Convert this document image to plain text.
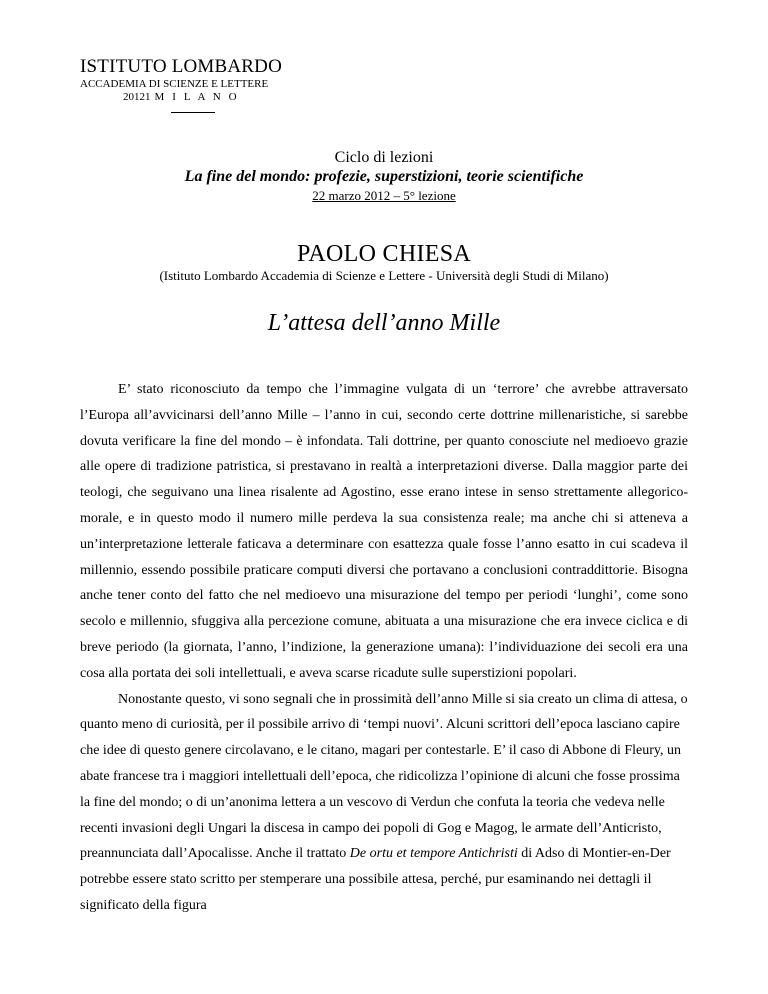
ISTITUTO LOMBARDO
ACCADEMIA DI SCIENZE E LETTERE
20121 M I L A N O
Ciclo di lezioni
La fine del mondo: profezie, superstizioni, teorie scientifiche
22 marzo 2012 – 5° lezione
PAOLO CHIESA
(Istituto Lombardo Accademia di Scienze e Lettere - Università degli Studi di Milano)
L’attesa dell’anno Mille

E’ stato riconosciuto da tempo che l’immagine vulgata di un ‘terrore’ che avrebbe attraversato l’Europa all’avvicinarsi dell’anno Mille – l’anno in cui, secondo certe dottrine millenaristiche, si sarebbe dovuta verificare la fine del mondo – è infondata. Tali dottrine, per quanto conosciute nel medioevo grazie alle opere di tradizione patristica, si prestavano in realtà a interpretazioni diverse. Dalla maggior parte dei teologi, che seguivano una linea risalente ad Agostino, esse erano intese in senso strettamente allegorico-morale, e in questo modo il numero mille perdeva la sua consistenza reale; ma anche chi si atteneva a un’interpretazione letterale faticava a determinare con esattezza quale fosse l’anno esatto in cui scadeva il millennio, essendo possibile praticare computi diversi che portavano a conclusioni contraddittorie. Bisogna anche tener conto del fatto che nel medioevo una misurazione del tempo per periodi ‘lunghi’, come sono secolo e millennio, sfuggiva alla percezione comune, abituata a una misurazione che era invece ciclica e di breve periodo (la giornata, l’anno, l’indizione, la generazione umana): l’individuazione dei secoli era una cosa alla portata dei soli intellettuali, e aveva scarse ricadute sulle superstizioni popolari.

Nonostante questo, vi sono segnali che in prossimità dell’anno Mille si sia creato un clima di attesa, o quanto meno di curiosità, per il possibile arrivo di ‘tempi nuovi’. Alcuni scrittori dell’epoca lasciano capire che idee di questo genere circolavano, e le citano, magari per contestarle. E’ il caso di Abbone di Fleury, un abate francese tra i maggiori intellettuali dell’epoca, che ridicolizza l’opinione di alcuni che fosse prossima la fine del mondo; o di un’anonima lettera a un vescovo di Verdun che confuta la teoria che vedeva nelle recenti invasioni degli Ungari la discesa in campo dei popoli di Gog e Magog, le armate dell’Anticristo, preannunciata dall’Apocalisse. Anche il trattato De ortu et tempore Antichristi di Adso di Montier-en-Der potrebbe essere stato scritto per stemperare una possibile attesa, perché, pur esaminando nei dettagli il significato della figura
